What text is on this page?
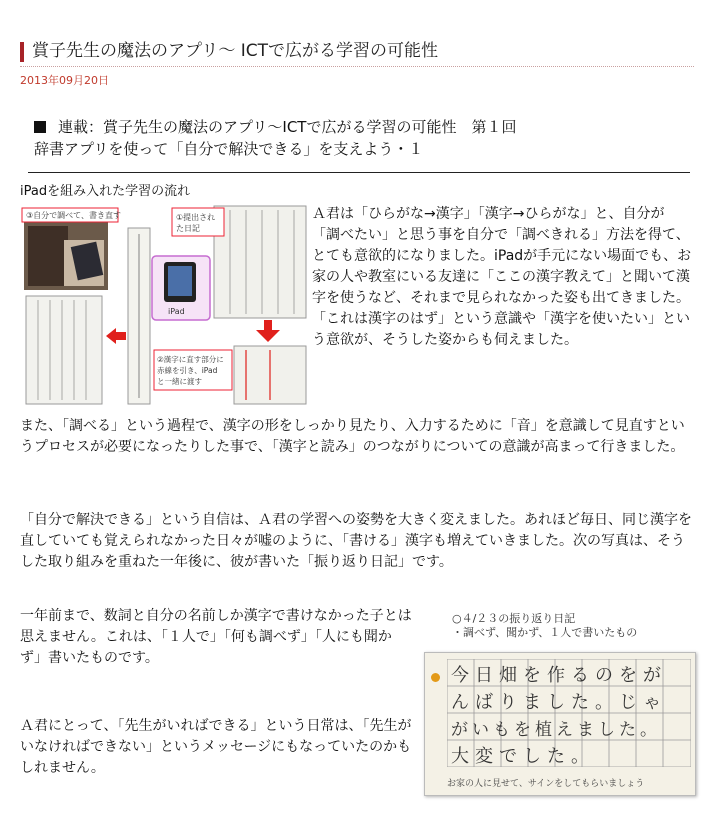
賞子先生の魔法のアプリ〜 ICTで広がる学習の可能性
2013年09月20日
連載：賞子先生の魔法のアプリ〜ICTで広がる学習の可能性　第１回
辞書アプリを使って「自分で解決できる」を支えよう・１
iPadを組み入れた学習の流れ
③自分で調べて、書き直す
iPad
①提出された日記
②漢字に直す部分に赤線を引き、iPad と一緒に渡す

Ａ君は「ひらがな→漢字」「漢字→ひらがな」と、自分が「調べたい」と思う事を自分で「調べきれる」方法を得て、とても意欲的になりました。iPadが手元にない場面でも、お家の人や教室にいる友達に「ここの漢字教えて」と聞いて漢字を使うなど、それまで見られなかった姿も出てきました。「これは漢字のはず」という意識や「漢字を使いたい」という意欲が、そうした姿からも伺えました。

また、「調べる」という過程で、漢字の形をしっかり見たり、入力するために「音」を意識して見直すというプロセスが必要になったりした事で、「漢字と読み」のつながりについての意識が高まって行きました。

「自分で解決できる」という自信は、Ａ君の学習への姿勢を大きく変えました。あれほど毎日、同じ漢字を直していても覚えられなかった日々が嘘のように、「書ける」漢字も増えていきました。次の写真は、そうした取り組みを重ねた一年後に、彼が書いた「振り返り日記」です。

一年前まで、数詞と自分の名前しか漢字で書けなかった子とは思えません。これは、「１人で」「何も調べず」「人にも聞かず」書いたものです。

Ａ君にとって、「先生がいればできる」という日常は、「先生がいなければできない」というメッセージにもなっていたのかもしれません。

○４/２３の振り返り日記
・調べず、聞かず、１人で書いたもの
今日畑を作るのをが
んばりました。じゃ
がいもを植えました。
大変でした。
お家の人に見せて、サインをしてもらいましょう
